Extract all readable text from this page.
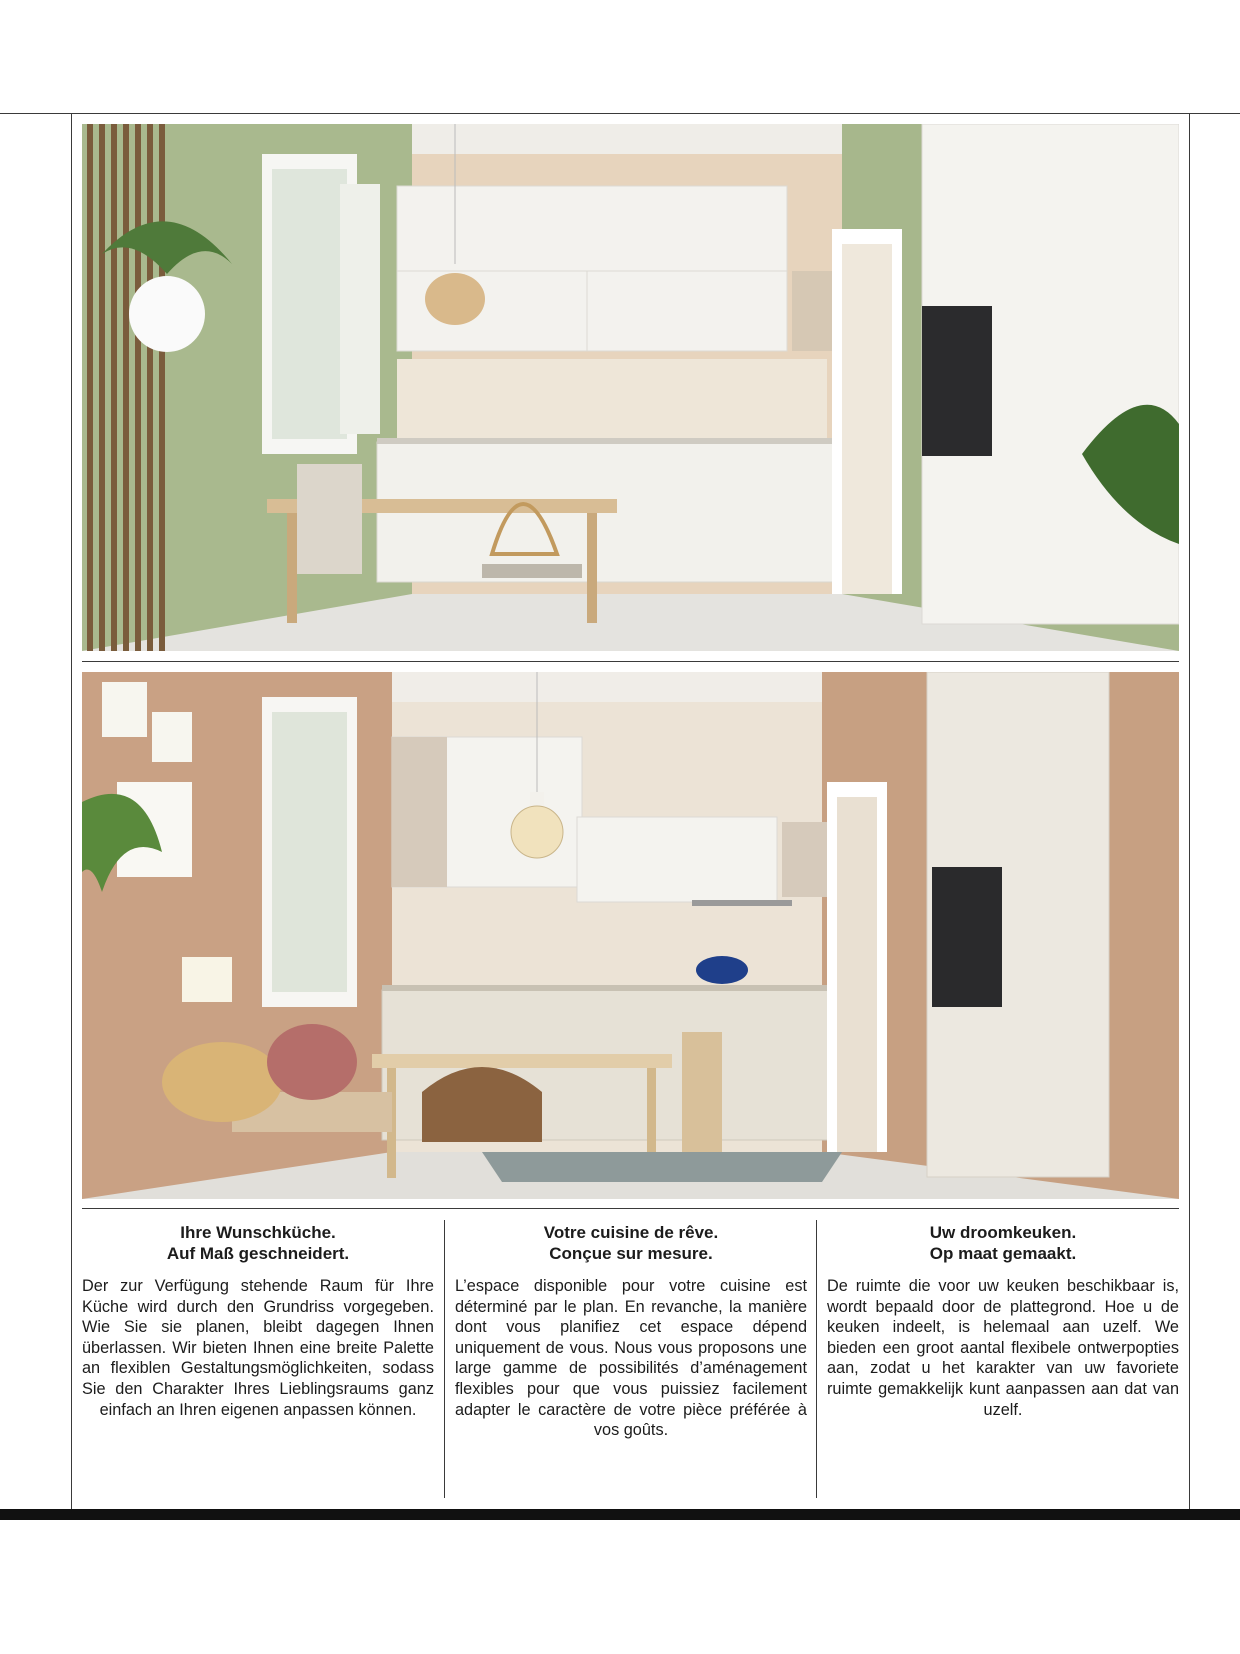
Ihre Wunschküche.
Auf Maß geschneidert.

Der zur Verfügung stehende Raum für Ihre Küche wird durch den Grundriss vorgegeben. Wie Sie sie planen, bleibt dagegen Ihnen überlassen. Wir bieten Ihnen eine breite Palette an flexiblen Gestaltungsmöglichkeiten, sodass Sie den Charakter Ihres Lieblingsraums ganz einfach an Ihren eigenen anpassen können.

Votre cuisine de rêve.
Conçue sur mesure.

L’espace disponible pour votre cuisine est déterminé par le plan. En revanche, la manière dont vous planifiez cet espace dépend uniquement de vous. Nous vous proposons une large gamme de possibilités d’aménagement flexibles pour que vous puissiez facilement adapter le caractère de votre pièce préférée à vos goûts.

Uw droomkeuken.
Op maat gemaakt.

De ruimte die voor uw keuken beschikbaar is, wordt bepaald door de plattegrond. Hoe u de keuken indeelt, is helemaal aan uzelf. We bieden een groot aantal flexibele ontwerpopties aan, zodat u het karakter van uw favoriete ruimte gemakkelijk kunt aanpassen aan dat van uzelf.
